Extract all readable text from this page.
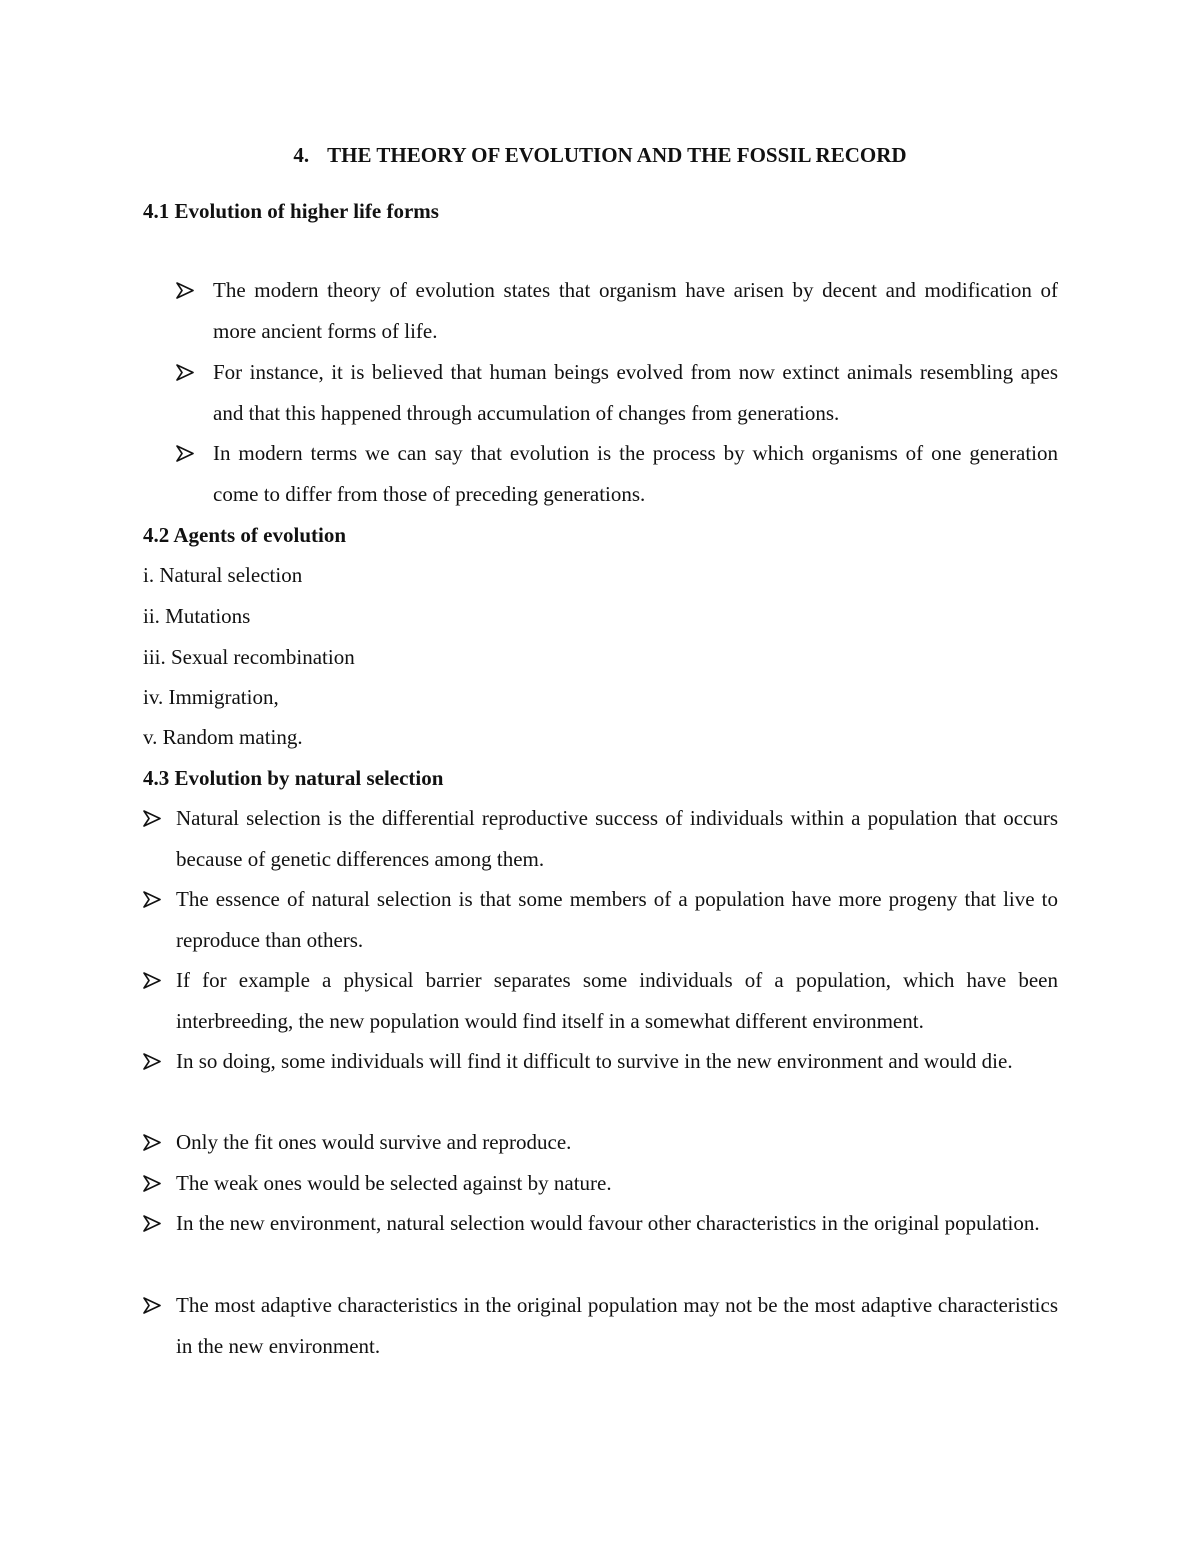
4. THE THEORY OF EVOLUTION AND THE FOSSIL RECORD

4.1 Evolution of higher life forms

The modern theory of evolution states that organism have arisen by decent and modification of more ancient forms of life.
For instance, it is believed that human beings evolved from now extinct animals resembling apes and that this happened through accumulation of changes from generations.
In modern terms we can say that evolution is the process by which organisms of one generation come to differ from those of preceding generations.

4.2 Agents of evolution

i. Natural selection

ii. Mutations

iii. Sexual recombination

iv. Immigration,

v. Random mating.

4.3 Evolution by natural selection

Natural selection is the differential reproductive success of individuals within a population that occurs because of genetic differences among them.
The essence of natural selection is that some members of a population have more progeny that live to reproduce than others.
If for example a physical barrier separates some individuals of a population, which have been interbreeding, the new population would find itself in a somewhat different environment.
In so doing, some individuals will find it difficult to survive in the new environment and would die.
Only the fit ones would survive and reproduce.
The weak ones would be selected against by nature.
In the new environment, natural selection would favour other characteristics in the original population.
The most adaptive characteristics in the original population may not be the most adaptive characteristics in the new environment.
